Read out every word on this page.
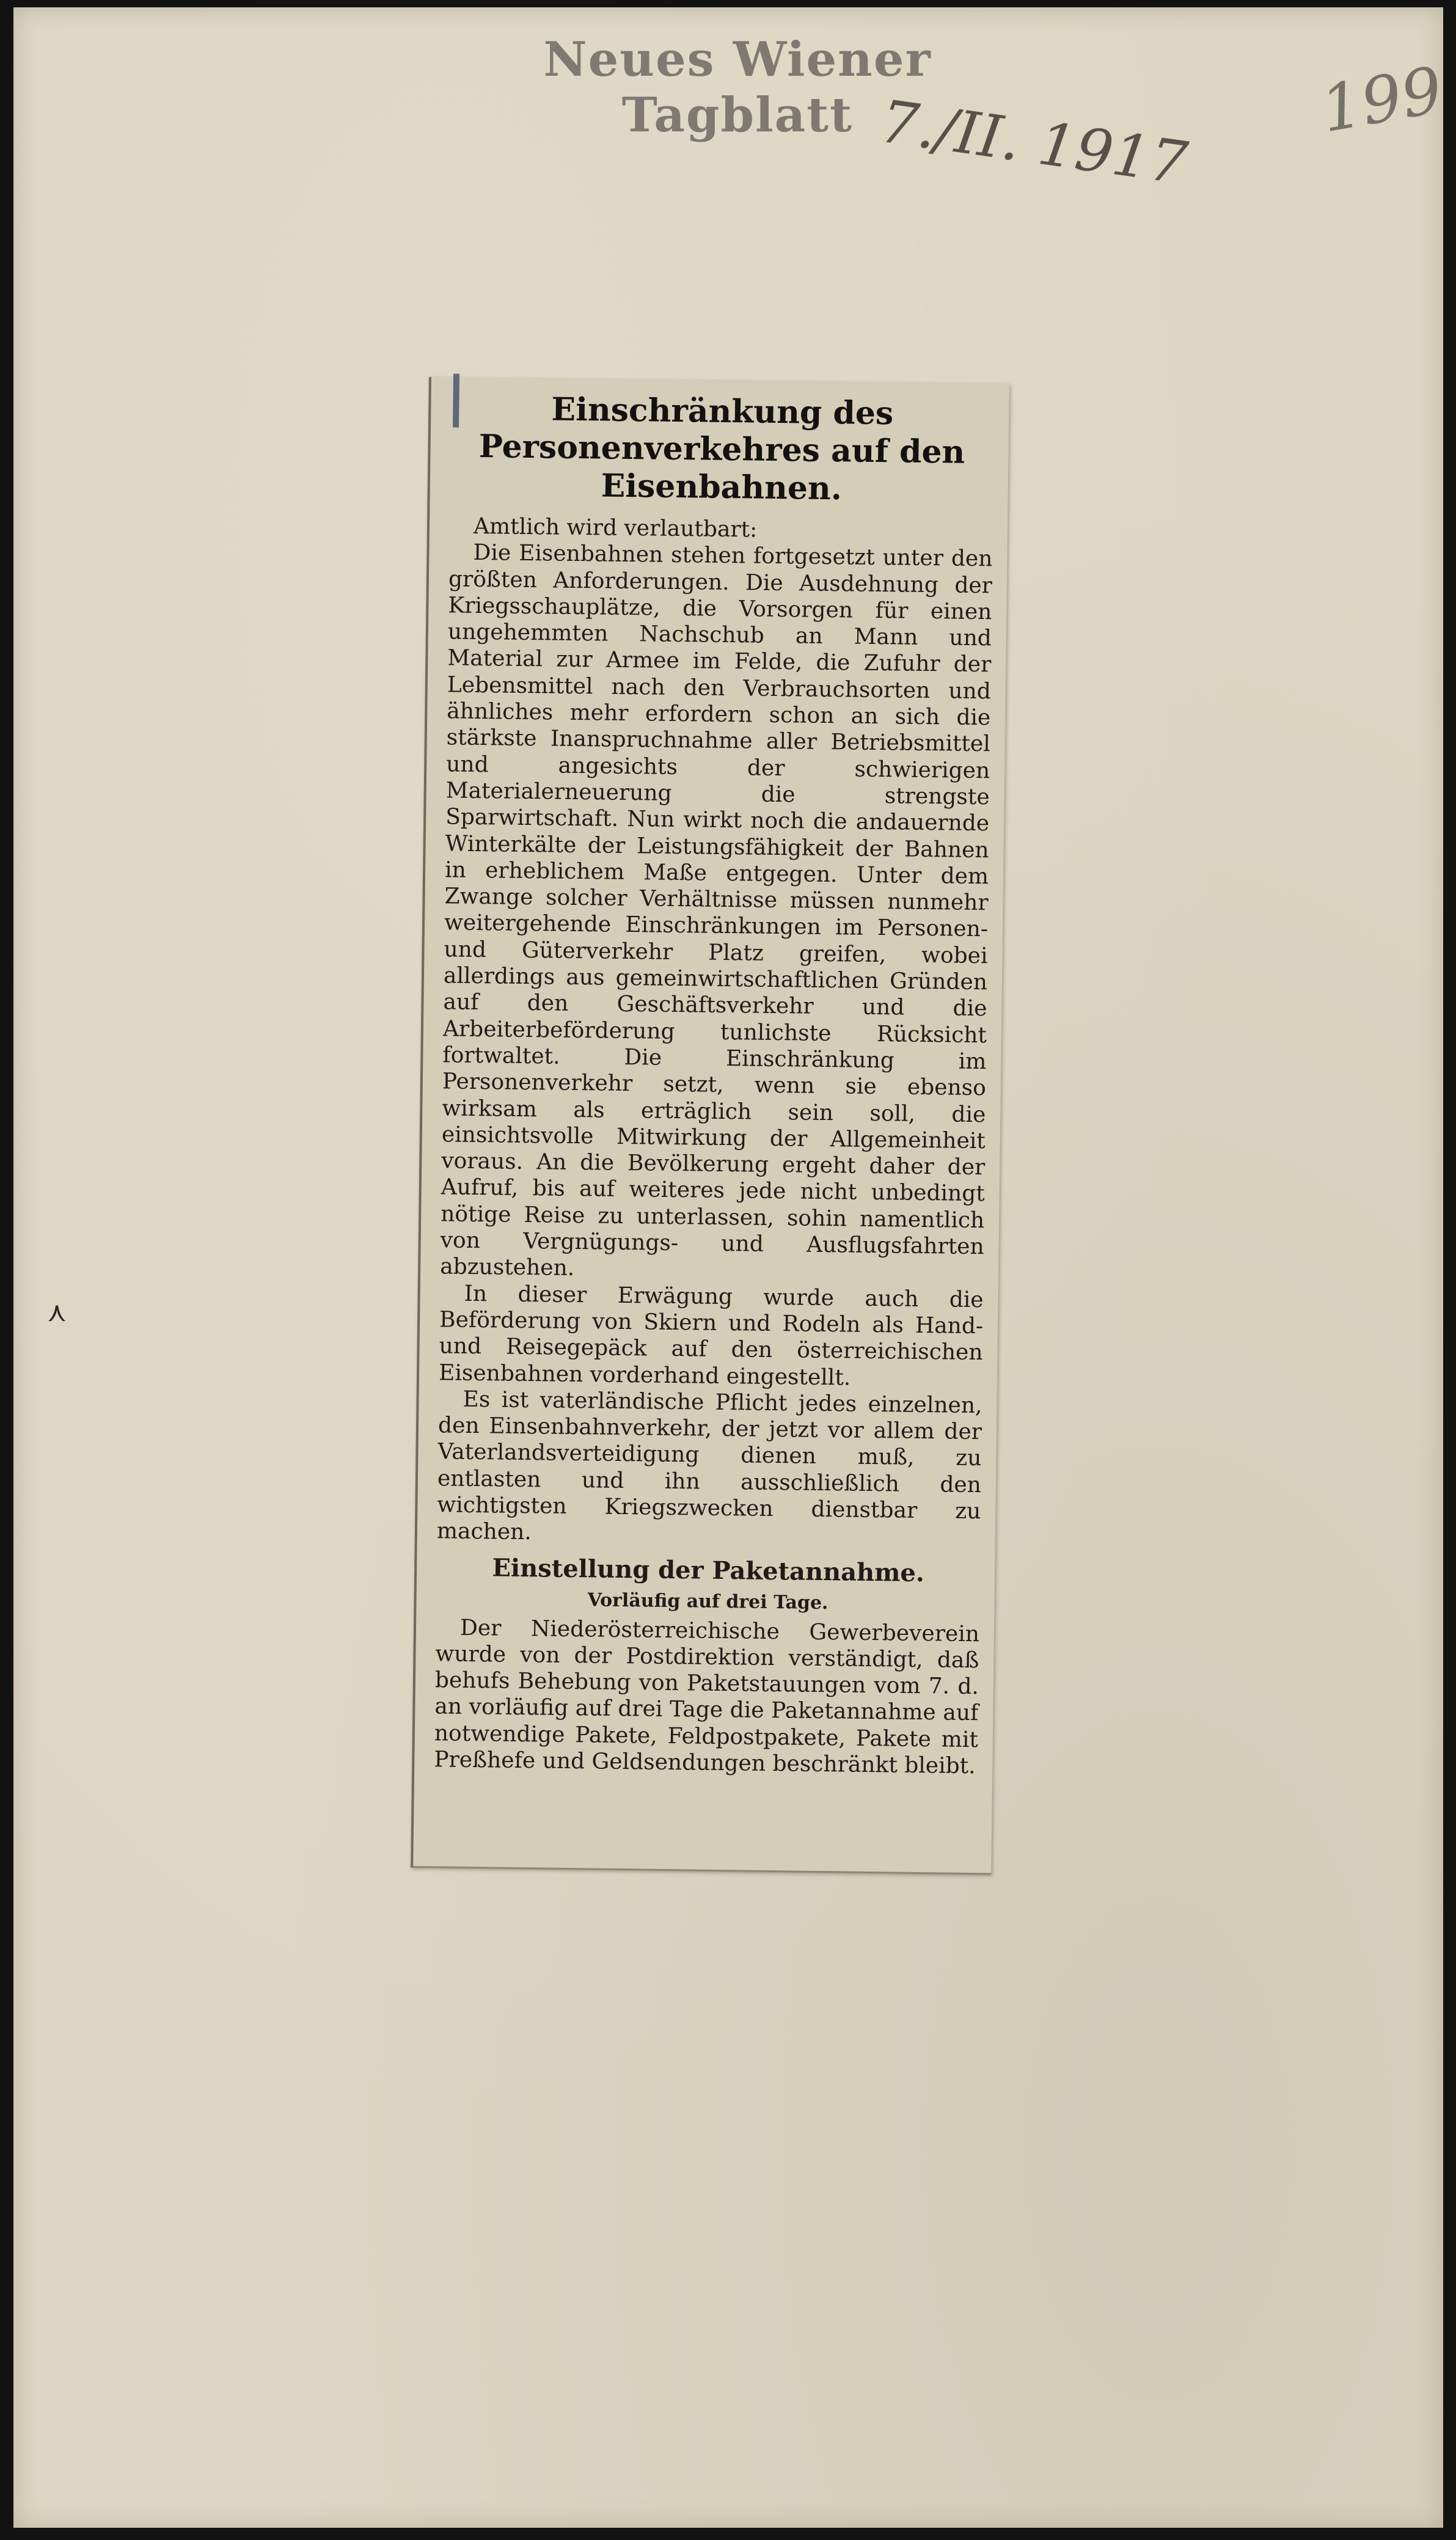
Neues Wiener Tagblatt 7./II. 1917 199
⋏
Einschränkung des Personenverkehres auf den Eisenbahnen.

Amtlich wird verlautbart:

Die Eisenbahnen stehen fortgesetzt unter den größten Anforderungen. Die Ausdehnung der Kriegsschauplätze, die Vorsorgen für einen ungehemmten Nachschub an Mann und Material zur Armee im Felde, die Zufuhr der Lebensmittel nach den Verbrauchsorten und ähnliches mehr erfordern schon an sich die stärkste Inanspruchnahme aller Betriebsmittel und angesichts der schwierigen Materialerneuerung die strengste Sparwirtschaft. Nun wirkt noch die andauernde Winterkälte der Leistungsfähigkeit der Bahnen in erheblichem Maße entgegen. Unter dem Zwange solcher Verhältnisse müssen nunmehr weitergehende Einschränkungen im Personen- und Güterverkehr Platz greifen, wobei allerdings aus gemeinwirtschaftlichen Gründen auf den Geschäftsverkehr und die Arbeiterbeförderung tunlichste Rücksicht fortwaltet. Die Einschränkung im Personenverkehr setzt, wenn sie ebenso wirksam als erträglich sein soll, die einsichtsvolle Mitwirkung der Allgemeinheit voraus. An die Bevölkerung ergeht daher der Aufruf, bis auf weiteres jede nicht unbedingt nötige Reise zu unterlassen, sohin namentlich von Vergnügungs- und Ausflugsfahrten abzustehen.

In dieser Erwägung wurde auch die Beförderung von Skiern und Rodeln als Hand- und Reisegepäck auf den österreichischen Eisenbahnen vorderhand eingestellt.

Es ist vaterländische Pflicht jedes einzelnen, den Einsenbahnverkehr, der jetzt vor allem der Vaterlandsverteidigung dienen muß, zu entlasten und ihn ausschließlich den wichtigsten Kriegszwecken dienstbar zu machen.

Einstellung der Paketannahme.
Vorläufig auf drei Tage.

Der Niederösterreichische Gewerbeverein wurde von der Postdirektion verständigt, daß behufs Behebung von Paketstauungen vom 7. d. an vorläufig auf drei Tage die Paketannahme auf notwendige Pakete, Feldpostpakete, Pakete mit Preßhefe und Geldsendungen beschränkt bleibt.
